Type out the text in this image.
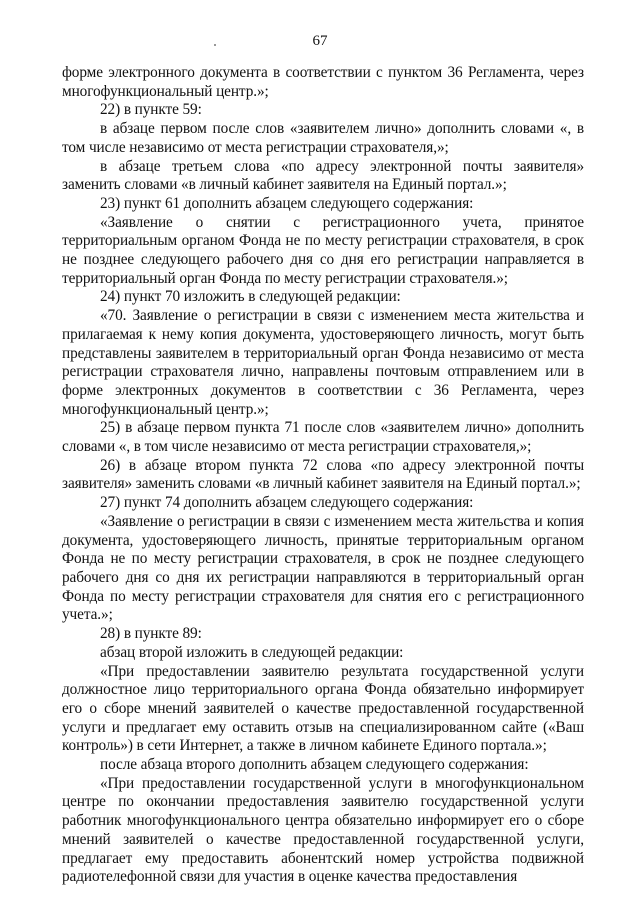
67

форме электронного документа в соответствии с пунктом 36 Регламента, через многофункциональный центр.»;

22) в пункте 59:

в абзаце первом после слов «заявителем лично» дополнить словами «, в том числе независимо от места регистрации страхователя,»;

в абзаце третьем слова «по адресу электронной почты заявителя» заменить словами «в личный кабинет заявителя на Единый портал.»;

23) пункт 61 дополнить абзацем следующего содержания:

«Заявление о снятии с регистрационного учета, принятое территориальным органом Фонда не по месту регистрации страхователя, в срок не позднее следующего рабочего дня со дня его регистрации направляется в территориальный орган Фонда по месту регистрации страхователя.»;

24) пункт 70 изложить в следующей редакции:

«70. Заявление о регистрации в связи с изменением места жительства и прилагаемая к нему копия документа, удостоверяющего личность, могут быть представлены заявителем в территориальный орган Фонда независимо от места регистрации страхователя лично, направлены почтовым отправлением или в форме электронных документов в соответствии с 36 Регламента, через многофункциональный центр.»;

25) в абзаце первом пункта 71 после слов «заявителем лично» дополнить словами «, в том числе независимо от места регистрации страхователя,»;

26) в абзаце втором пункта 72 слова «по адресу электронной почты заявителя» заменить словами «в личный кабинет заявителя на Единый портал.»;

27) пункт 74 дополнить абзацем следующего содержания:

«Заявление о регистрации в связи с изменением места жительства и копия документа, удостоверяющего личность, принятые территориальным органом Фонда не по месту регистрации страхователя, в срок не позднее следующего рабочего дня со дня их регистрации направляются в территориальный орган Фонда по месту регистрации страхователя для снятия его с регистрационного учета.»;

28) в пункте 89:

абзац второй изложить в следующей редакции:

«При предоставлении заявителю результата государственной услуги должностное лицо территориального органа Фонда обязательно информирует его о сборе мнений заявителей о качестве предоставленной государственной услуги и предлагает ему оставить отзыв на специализированном сайте («Ваш контроль») в сети Интернет, а также в личном кабинете Единого портала.»;

после абзаца второго дополнить абзацем следующего содержания:

«При предоставлении государственной услуги в многофункциональном центре по окончании предоставления заявителю государственной услуги работник многофункционального центра обязательно информирует его о сборе мнений заявителей о качестве предоставленной государственной услуги, предлагает ему предоставить абонентский номер устройства подвижной радиотелефонной связи для участия в оценке качества предоставления
